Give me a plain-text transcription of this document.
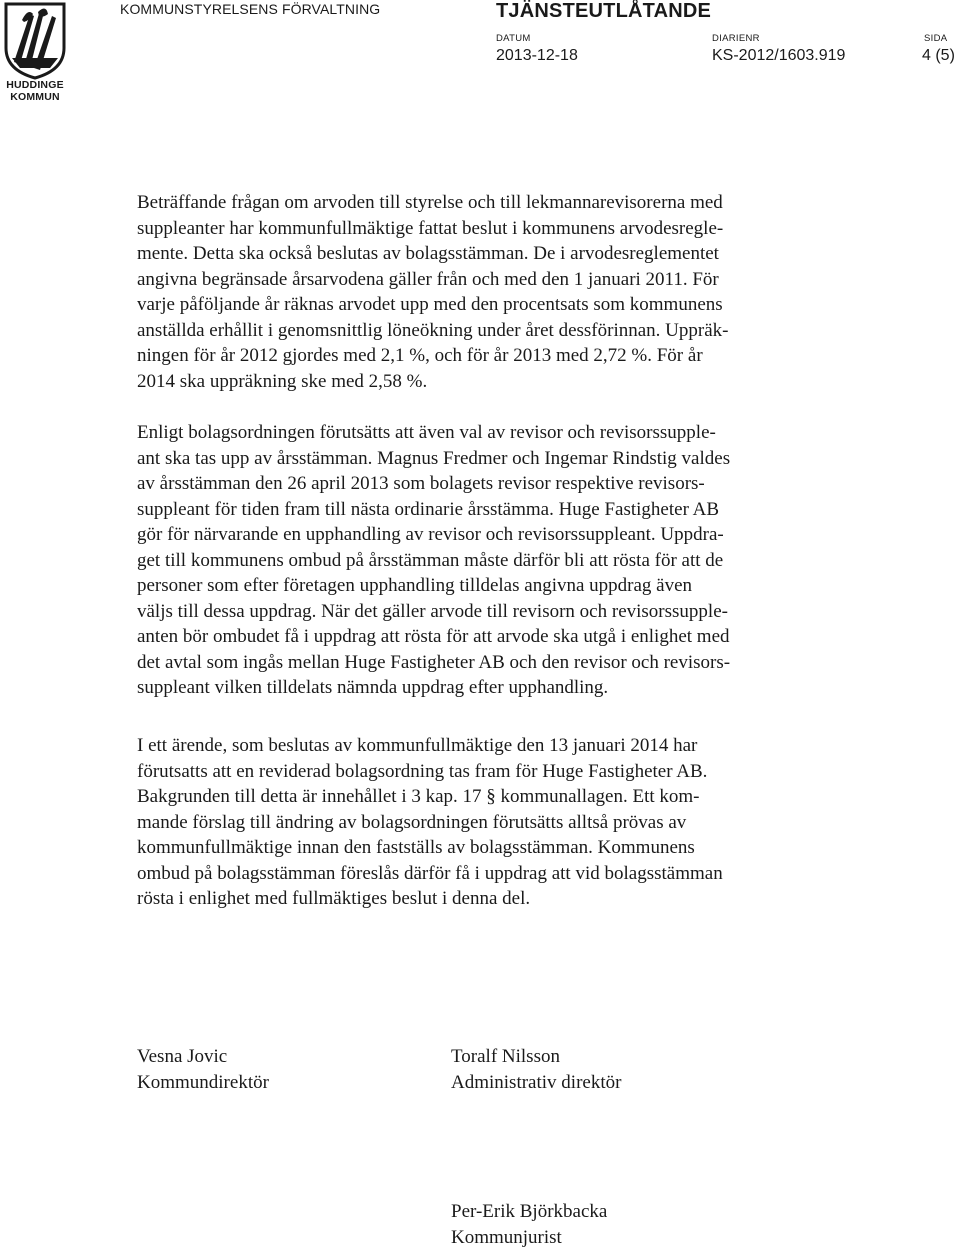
HUDDINGE
KOMMUN
KOMMUNSTYRELSENS FÖRVALTNING	TJÄNSTEUTLÅTANDE
DATUM	DIARIENR	SIDA
2013-12-18	KS-2012/1603.919	4 (5)
Beträffande frågan om arvoden till styrelse och till lekmannarevisorerna med
suppleanter har kommunfullmäktige fattat beslut i kommunens arvodesregle-
mente. Detta ska också beslutas av bolagsstämman. De i arvodesreglementet
angivna begränsade årsarvodena gäller från och med den 1 januari 2011. För
varje påföljande år räknas arvodet upp med den procentsats som kommunens
anställda erhållit i genomsnittlig löneökning under året dessförinnan. Uppräk-
ningen för år 2012 gjordes med 2,1 %, och för år 2013 med 2,72 %. För år
2014 ska uppräkning ske med 2,58 %.
Enligt bolagsordningen förutsätts att även val av revisor och revisorssupple-
ant ska tas upp av årsstämman. Magnus Fredmer och Ingemar Rindstig valdes
av årsstämman den 26 april 2013 som bolagets revisor respektive revisors-
suppleant för tiden fram till nästa ordinarie årsstämma. Huge Fastigheter AB
gör för närvarande en upphandling av revisor och revisorssuppleant. Uppdra-
get till kommunens ombud på årsstämman måste därför bli att rösta för att de
personer som efter företagen upphandling tilldelas angivna uppdrag även
väljs till dessa uppdrag. När det gäller arvode till revisorn och revisorssupple-
anten bör ombudet få i uppdrag att rösta för att arvode ska utgå i enlighet med
det avtal som ingås mellan Huge Fastigheter AB och den revisor och revisors-
suppleant vilken tilldelats nämnda uppdrag efter upphandling.
I ett ärende, som beslutas av kommunfullmäktige den 13 januari 2014 har
förutsatts att en reviderad bolagsordning tas fram för Huge Fastigheter AB.
Bakgrunden till detta är innehållet i 3 kap. 17 § kommunallagen. Ett kom-
mande förslag till ändring av bolagsordningen förutsätts alltså prövas av
kommunfullmäktige innan den fastställs av bolagsstämman. Kommunens
ombud på bolagsstämman föreslås därför få i uppdrag att vid bolagsstämman
rösta i enlighet med fullmäktiges beslut i denna del.
Vesna Jovic
Kommundirektör
Toralf Nilsson
Administrativ direktör
Per-Erik Björkbacka
Kommunjurist
